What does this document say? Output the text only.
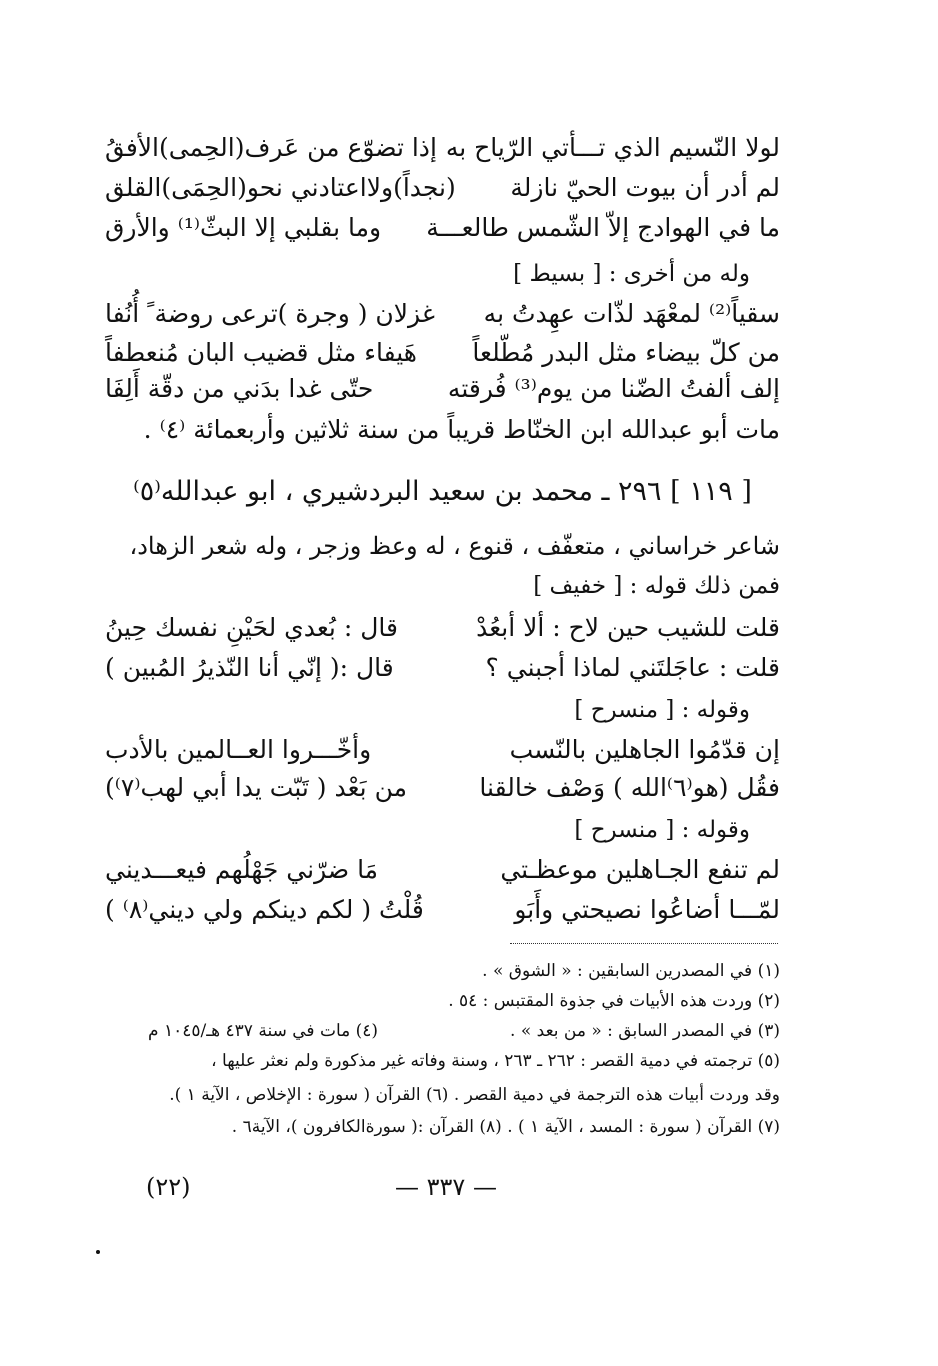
لولا النّسيم الذي تـــأتي الرّياح به
إذا تضوّع من عَرف(الحِمى)الأفقُ
لم أدر أن بيوت الحيّ نازلة
(نجداً)ولااعتادني نحو(الحِمَى)القلق
ما في الهوادج إلاّ الشّمس طالعـــة
وما بقلبي إلا البثّ⁽¹⁾ والأرق
وله من أخرى : [ بسيط ]
سقياً⁽²⁾ لمعْهَد لذّات عهِدتُ به
غزلان ( وجرة )ترعى روضة ً أُنُفا
من كلّ بيضاء مثل البدر مُطّلعاً
هَيفاء مثل قضيب البان مُنعطفاً
إلف ألفتُ الضّنا من يوم⁽³⁾ فُرقته
حتّى غدا بدَني من دقّة أَلِفَا
مات أبو عبدالله ابن الخنّاط قريباً من سنة ثلاثين وأربعمائة ⁽٤⁾ .
[ ١١٩ ] ٢٩٦ ـ محمد بن سعيد البردشيري ، ابو عبدالله⁽٥⁾
شاعر خراساني ، متعفّف ، قنوع ، له وعظ وزجر ، وله شعر الزهاد،
فمن ذلك قوله : [ خفيف ]
قلت للشيب حين لاح : ألا أبعُدْ
قال : بُعدي لحَيْنِ نفسك حِينُ
قلت : عاجَلتَني لماذا أجبني ؟
قال :( إنّي أنا النّذيرُ المُبين )
وقوله : [ منسرح ]
إن قدّمُوا الجاهلين بالنّسب
وأخّـــروا العــالمين بالأدب
فقُل (هو⁽٦⁾الله ) وَصْف خالقنا
من بَعْد ( تَبّت يدا أبي لهب⁽٧⁾)
وقوله : [ منسرح ]
لم تنفع الجـاهلين موعظـتي
مَا ضرّني جَهْلُهم فيعـــديني
لمّـــا أضاعُوا نصيحتي وأَبَو
قُلْتُ ( لكم دينكم ولي ديني⁽٨⁾ )
(١) في المصدرين السابقين : « الشوق » .
(٢) وردت هذه الأبيات في جذوة المقتبس : ٥٤ .
(٣) في المصدر السابق : « من بعد » .
(٤) مات في سنة ٤٣٧ هـ/١٠٤٥ م
(٥) ترجمته في دمية القصر : ٢٦٢ ـ ٢٦٣ ، وسنة وفاته غير مذكورة ولم نعثر عليها ،
وقد وردت أبيات هذه الترجمة في دمية القصر . (٦) القرآن ( سورة : الإخلاص ، الآية ١ ).
(٧) القرآن ( سورة : المسد ، الآية ١ ) . (٨) القرآن :( سورةالكافرون )، الآية٦ .
— ٣٣٧ —
(٢٢)
